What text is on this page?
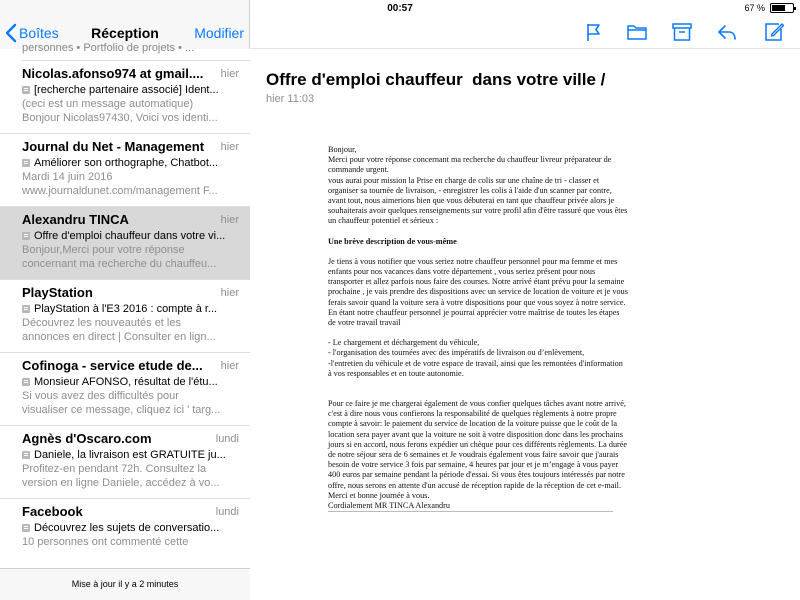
00:57	67 %
Boîtes	Réception	Modifier
personnes • Portfolio de projets • ...
Nicolas.afonso974 at gmail....	hier
[recherche partenaire associé] Ident...
(ceci est un message automatique)
Bonjour Nicolas97430, Voici vos identi...
Journal du Net - Management hier
Améliorer son orthographe, Chatbot...
Mardi 14 juin 2016
www.journaldunet.com/management F...
Alexandru TINCA	hier
Offre d'emploi chauffeur dans votre vi...
Bonjour,Merci pour votre réponse
concernant ma recherche du chauffeu...
PlayStation	hier
PlayStation à l'E3 2016 : compte à r...
Découvrez les nouveautés et les
annonces en direct | Consulter en lign...
Cofinoga - service etude de...	hier
Monsieur AFONSO, résultat de l'étu...
Si vous avez des difficultés pour
visualiser ce message, cliquez ici ' targ...
Agnès d'Oscaro.com	lundi
Daniele, la livraison est GRATUITE ju...
Profitez-en pendant 72h. Consultez la
version en ligne Daniele, accédez à vo...
Facebook	lundi
Découvrez les sujets de conversatio...
10 personnes ont commenté cette
Mise à jour il y a 2 minutes
Offre d'emploi chauffeur  dans votre ville /
hier 11:03

Bonjour,

Merci pour votre réponse concernant ma recherche du chauffeur livreur préparateur de

commande urgent.

vous aurai pour mission la Prise en charge de colis sur une chaîne de tri - classer et

organiser sa tournée de livraison, - enregistrer les colis à l'aide d'un scanner par contre,

avant tout, nous aimerions bien que vous débuterai en tant que chauffeur privée alors je

souhaiterais avoir quelques renseignements sur votre profil afin d'être rassuré que vous êtes

un chauffeur potentiel et sérieux :

Une brève description de vous-même

Je tiens à vous notifier que vous seriez notre chauffeur personnel pour ma femme et mes

enfants pour nos vacances dans votre département , vous seriez présent pour nous

transporter et allez parfois nous faire des courses. Notre arrivé étant prévu pour la semaine

prochaine , je vais prendre des dispositions avec un service de location de voiture et je vous

ferais savoir quand la voiture sera à votre dispositions pour que vous soyez à notre service.

En étant notre chauffeur personnel je pourrai apprécier votre maîtrise de toutes les étapes

de votre travail travail

- Le chargement et déchargement du véhicule,

- l'organisation des tournées avec des impératifs de livraison ou d’enlèvement,

-l'entretien du véhicule et de votre espace de travail, ainsi que les remontées d'information

à vos responsables et en toute autonomie.

Pour ce faire je me chargerai également de vous confier quelques tâches avant notre arrivé,

c'est à dire nous vous confierons la responsabilité de quelques règlements à notre propre

compte à savoir: le paiement du service de location de la voiture puisse que le coût de la

location sera payer avant que la voiture ne soit à votre disposition donc dans les prochains

jours si en accord, nous ferons expédier un chèque pour ces différents règlements. La durée

de notre séjour sera de 6 semaines et Je voudrais également vous faire savoir que j'aurais

besoin de votre service 3 fois par semaine, 4 heures par jour et je m’engage à vous payer

400 euros par semaine pendant la période d'essai. Si vous êtes toujours intéressés par notre

offre, nous serons en attente d'un accusé de réception rapide de la réception de cet e-mail.

Merci et bonne journée à vous.

Cordialement MR TINCA Alexandru
